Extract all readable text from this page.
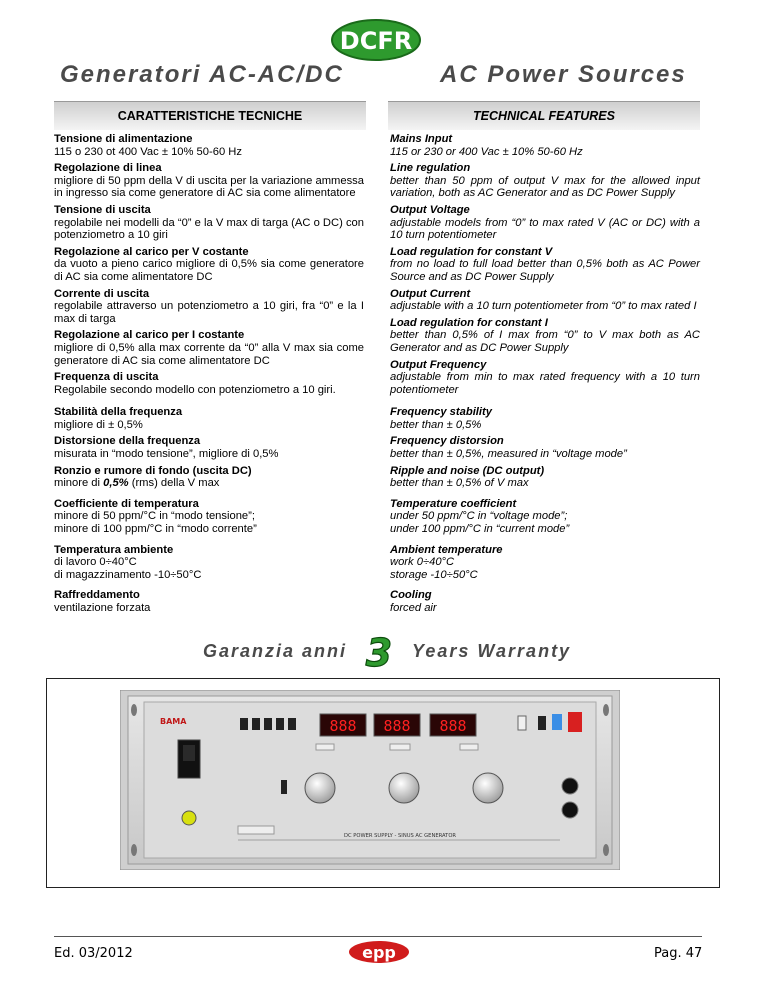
DCFR
Generatori AC-AC/DC	AC Power Sources
CARATTERISTICHE TECNICHE	TECHNICAL FEATURES
Tensione di alimentazione
115 o 230 ot 400 Vac ± 10% 50-60 Hz
Regolazione di linea
migliore di 50 ppm della V di uscita per la variazione ammessa in ingresso sia come generatore di AC sia come alimentatore
Tensione di uscita
regolabile nei modelli da “0” e la V max di targa (AC o DC) con potenziometro a 10 giri
Regolazione al carico per V costante
da vuoto a pieno carico migliore di 0,5% sia come generatore di AC sia come alimentatore DC
Corrente di uscita
regolabile attraverso un potenziometro a 10 giri, fra “0” e la I max di targa
Regolazione al carico per I costante
migliore di 0,5% alla max corrente da “0” alla V max sia come generatore di AC sia come alimentatore DC
Frequenza di uscita
Regolabile secondo modello con potenziometro a 10 giri.
Stabilità della frequenza
migliore di ± 0,5%
Distorsione della frequenza
misurata in “modo tensione”, migliore di 0,5%
Ronzio e rumore di fondo (uscita DC)
minore di 0,5% (rms) della V max
Coefficiente di temperatura
minore di 50 ppm/°C in “modo tensione”;
minore di 100 ppm/°C in “modo corrente”
Temperatura ambiente
di lavoro 0÷40°C
di magazzinamento -10÷50°C
Raffreddamento
ventilazione forzata
Mains Input
115 or 230 or 400 Vac ± 10% 50-60 Hz
Line regulation
better than 50 ppm of output V max for the allowed input variation, both as AC Generator and as DC Power Supply
Output Voltage
adjustable models from “0” to max rated V (AC or DC) with a 10 turn potentiometer
Load regulation for constant V
from no load to full load better than 0,5% both as AC Power Source and as DC Power Supply
Output Current
adjustable with a 10 turn potentiometer from “0” to max rated I
Load regulation for constant I
better than 0,5% of I max from “0” to V max both as AC Generator and as DC Power Supply
Output Frequency
adjustable from min to max rated frequency with a 10 turn potentiometer
Frequency stability
better than ± 0,5%
Frequency distorsion
better than ± 0,5%, measured in “voltage mode”
Ripple and noise (DC output)
better than ± 0,5% of V max
Temperature coefficient
under 50 ppm/°C in “voltage mode”;
under 100 ppm/°C in “current mode”
Ambient temperature
work 0÷40°C
storage -10÷50°C
Cooling
forced air
Garanzia anni 3 Years Warranty
BAMA	888 888 888
DC POWER SUPPLY - SINUS AC GENERATOR
Ed. 03/2012	epp	Pag. 47
